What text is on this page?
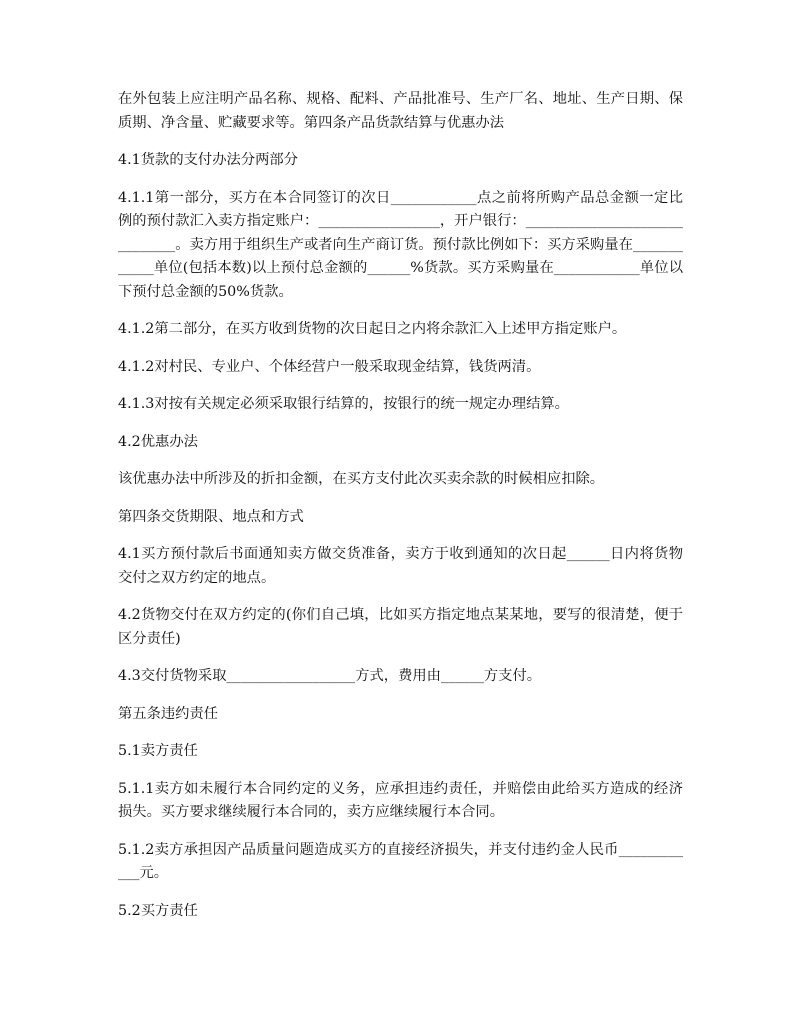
在外包装上应注明产品名称、规格、配料、产品批准号、生产厂名、地址、生产日期、保质期、净含量、贮藏要求等。第四条产品货款结算与优惠办法

4.1货款的支付办法分两部分

4.1.1第一部分，买方在本合同签订的次日____________点之前将所购产品总金额一定比例的预付款汇入卖方指定账户：_________________，开户银行：______________________________。卖方用于组织生产或者向生产商订货。预付款比例如下：买方采购量在____________单位(包括本数)以上预付总金额的______%货款。买方采购量在____________单位以下预付总金额的50%货款。

4.1.2第二部分，在买方收到货物的次日起日之内将余款汇入上述甲方指定账户。

4.1.2对村民、专业户、个体经营户一般采取现金结算，钱货两清。

4.1.3对按有关规定必须采取银行结算的，按银行的统一规定办理结算。

4.2优惠办法

该优惠办法中所涉及的折扣金额，在买方支付此次买卖余款的时候相应扣除。

第四条交货期限、地点和方式

4.1买方预付款后书面通知卖方做交货准备，卖方于收到通知的次日起______日内将货物交付之双方约定的地点。

4.2货物交付在双方约定的(你们自己填，比如买方指定地点某某地，要写的很清楚，便于区分责任)

4.3交付货物采取__________________方式，费用由______方支付。

第五条违约责任

5.1卖方责任

5.1.1卖方如未履行本合同约定的义务，应承担违约责任，并赔偿由此给买方造成的经济损失。买方要求继续履行本合同的，卖方应继续履行本合同。

5.1.2卖方承担因产品质量问题造成买方的直接经济损失，并支付违约金人民币____________元。

5.2买方责任
